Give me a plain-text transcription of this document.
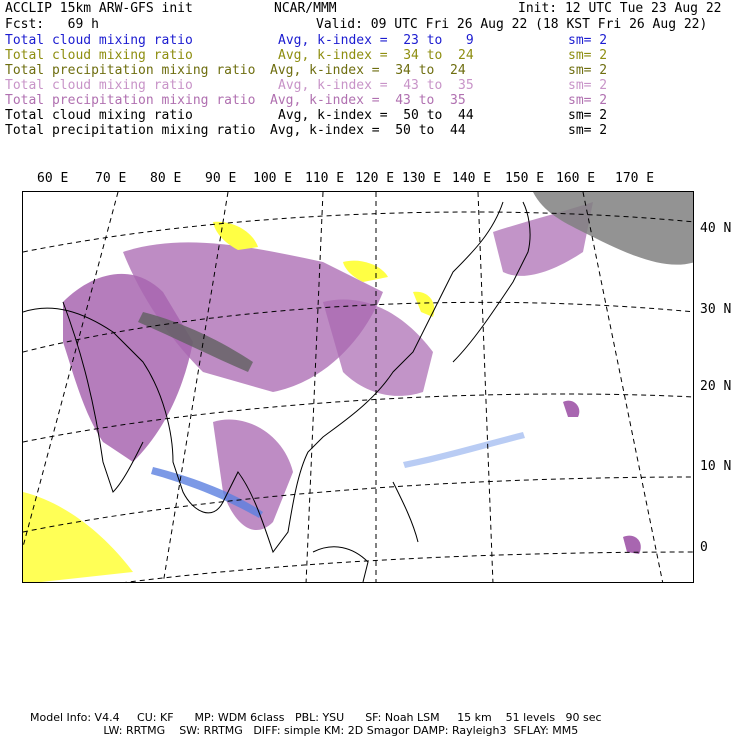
ACCLIP 15km ARW-GFS init	NCAR/MMM	Init: 12 UTC Tue 23 Aug 22
Fcst:   69 h	Valid: 09 UTC Fri 26 Aug 22 (18 KST Fri 26 Aug 22)
Total cloud mixing ratio	Avg, k-index =  23 to   9	sm= 2
Total cloud mixing ratio	Avg, k-index =  34 to  24	sm= 2
Total precipitation mixing ratio Avg, k-index =  34 to  24	sm= 2
Total cloud mixing ratio	Avg, k-index =  43 to  35	sm= 2
Total precipitation mixing ratio Avg, k-index =  43 to  35	sm= 2
Total cloud mixing ratio	Avg, k-index =  50 to  44	sm= 2
Total precipitation mixing ratio Avg, k-index =  50 to  44	sm= 2
60 E 70 E 80 E 90 E 100 E 110 E 120 E 130 E 140 E 150 E 160 E 170 E
40 N
30 N
20 N
10 N
0
Model Info: V4.4     CU: KF      MP: WDM 6class   PBL: YSU      SF: Noah LSM     15 km    51 levels   90 sec
LW: RRTMG    SW: RRTMG   DIFF: simple KM: 2D Smagor DAMP: Rayleigh3  SFLAY: MM5
